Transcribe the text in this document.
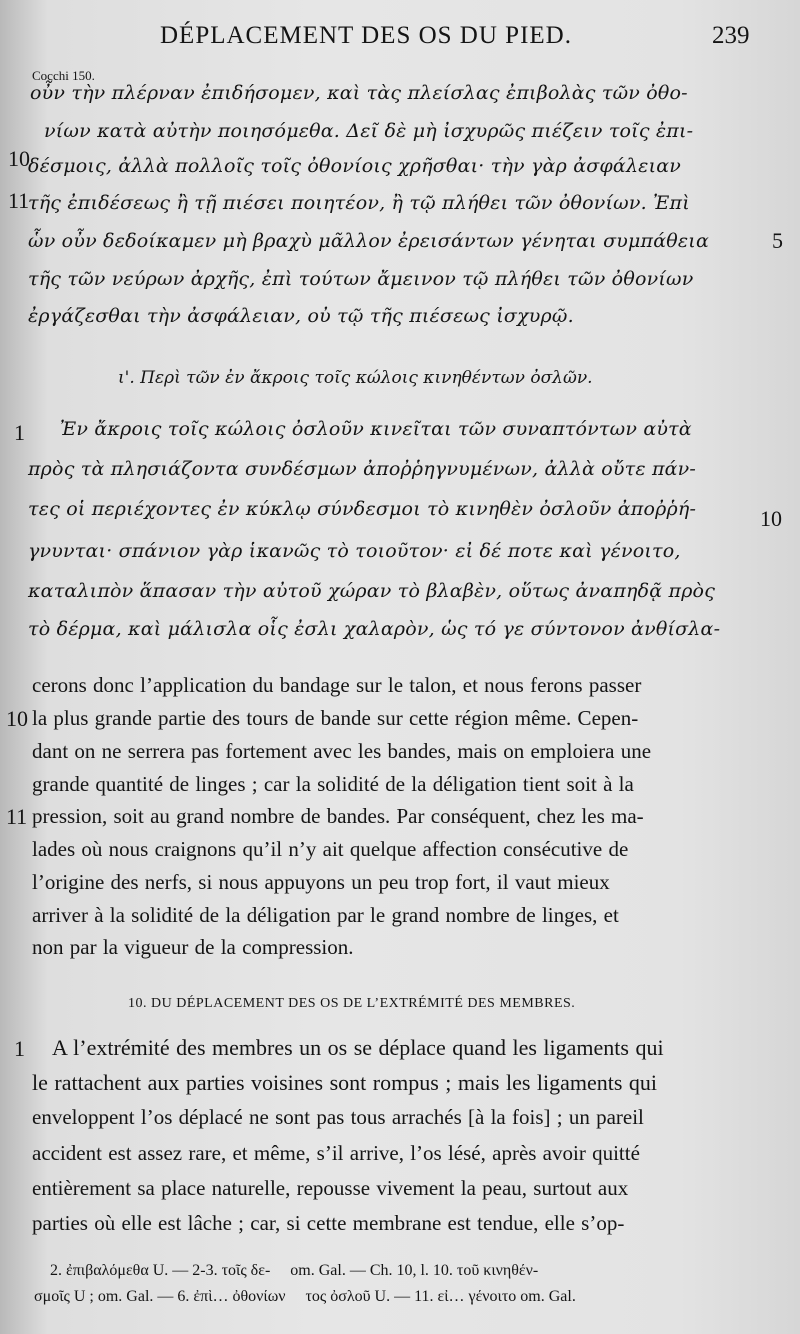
DÉPLACEMENT DES OS DU PIED.	239
Cocchi 150.
οὖν τὴν πλέρναν ἐπιδήσομεν, καὶ τὰς πλείσλας ἐπιβολὰς τῶν ὀθο-
10
νίων κατὰ αὐτὴν ποιησόμεθα. Δεῖ δὲ μὴ ἰσχυρῶς πιέζειν τοῖς ἐπι-
δέσμοις, ἀλλὰ πολλοῖς τοῖς ὀθονίοις χρῆσθαι· τὴν γὰρ ἀσφάλειαν
11
τῆς ἐπιδέσεως ἢ τῇ πιέσει ποιητέον, ἢ τῷ πλήθει τῶν ὀθονίων. Ἐπὶ
ὧν οὖν δεδοίκαμεν μὴ βραχὺ μᾶλλον ἐρεισάντων γένηται συμπάθεια	5
τῆς τῶν νεύρων ἀρχῆς, ἐπὶ τούτων ἄμεινον τῷ πλήθει τῶν ὀθονίων
ἐργάζεσθαι τὴν ἀσφάλειαν, οὐ τῷ τῆς πιέσεως ἰσχυρῷ.
ι'. Περὶ τῶν ἐν ἄκροις τοῖς κώλοις κινηθέντων ὀσλῶν.
1 Ἐν ἄκροις τοῖς κώλοις ὀσλοῦν κινεῖται τῶν συναπτόντων αὐτὰ
πρὸς τὰ πλησιάζοντα συνδέσμων ἀποῤῥηγνυμένων, ἀλλὰ οὔτε πάν-
τες οἱ περιέχοντες ἐν κύκλῳ σύνδεσμοι τὸ κινηθὲν ὀσλοῦν ἀποῤῥή-	10
γνυνται· σπάνιον γὰρ ἱκανῶς τὸ τοιοῦτον· εἰ δέ ποτε καὶ γένοιτο,
καταλιπὸν ἅπασαν τὴν αὐτοῦ χώραν τὸ βλαβὲν, οὕτως ἀναπηδᾷ πρὸς
τὸ δέρμα, καὶ μάλισλα οἷς ἐσλι χαλαρὸν, ὡς τό γε σύντονον ἀνθίσλα-
cerons donc l’application du bandage sur le talon, et nous ferons passer
10 la plus grande partie des tours de bande sur cette région même. Cepen-
dant on ne serrera pas fortement avec les bandes, mais on emploiera une
grande quantité de linges ; car la solidité de la déligation tient soit à la
11 pression, soit au grand nombre de bandes. Par conséquent, chez les ma-
lades où nous craignons qu’il n’y ait quelque affection consécutive de
l’origine des nerfs, si nous appuyons un peu trop fort, il vaut mieux
arriver à la solidité de la déligation par le grand nombre de linges, et
non par la vigueur de la compression.
10. DU DÉPLACEMENT DES OS DE L’EXTRÉMITÉ DES MEMBRES.
1 A l’extrémité des membres un os se déplace quand les ligaments qui
le rattachent aux parties voisines sont rompus ; mais les ligaments qui
enveloppent l’os déplacé ne sont pas tous arrachés [à la fois] ; un pareil
accident est assez rare, et même, s’il arrive, l’os lésé, après avoir quitté
entièrement sa place naturelle, repousse vivement la peau, surtout aux
parties où elle est lâche ; car, si cette membrane est tendue, elle s’op-
2. ἐπιβαλόμεθα U. — 2-3. τοῖς δε-     om. Gal. — Ch. 10, l. 10. τοῦ κινηθέν-
σμοῖς U ; om. Gal. — 6. ἐπὶ… ὀθονίων     τος ὀσλοῦ U. — 11. εἰ… γένοιτο om. Gal.
